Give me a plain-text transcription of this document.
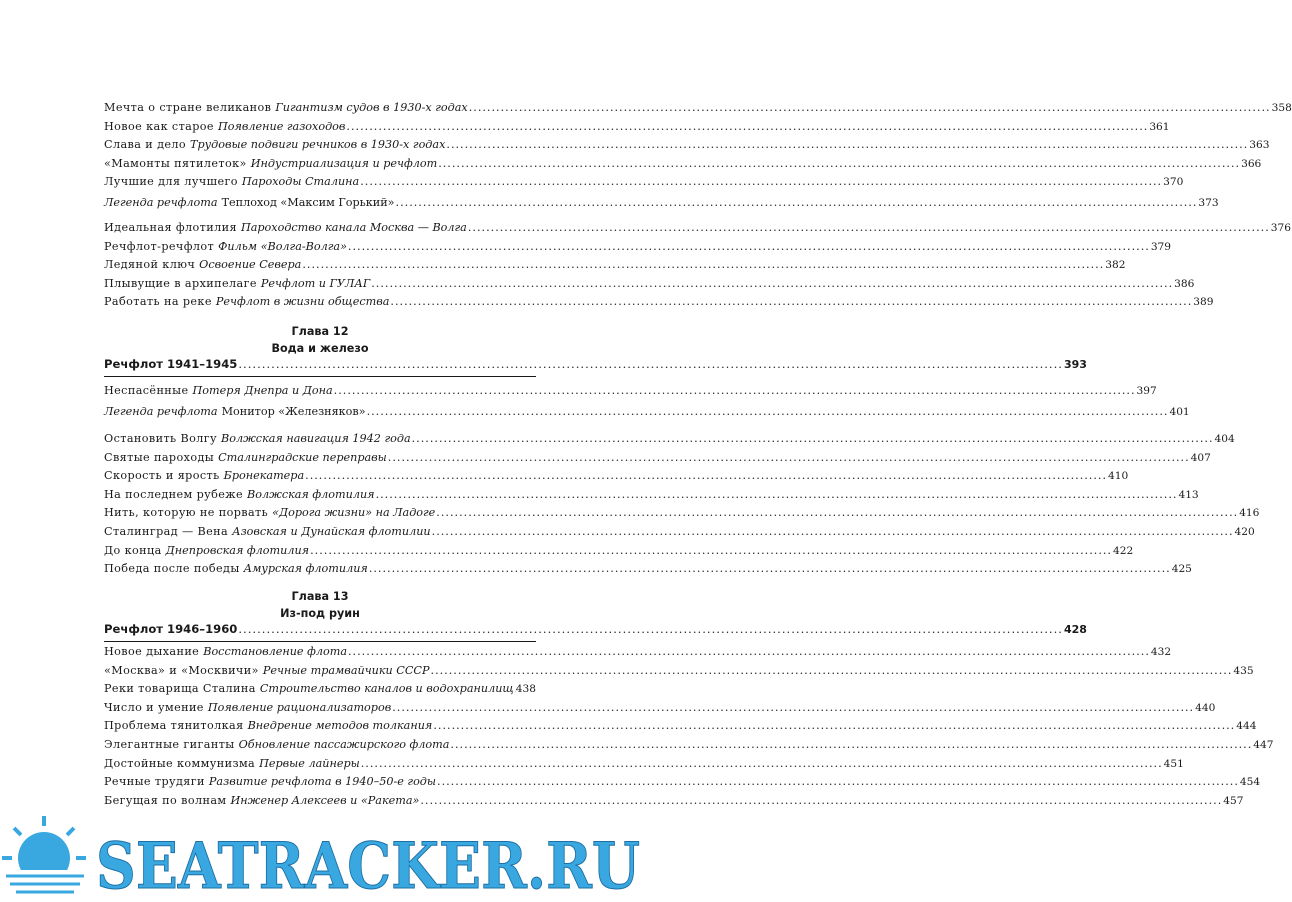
Мечта о стране великанов Гигантизм судов в 1930-х годах .....	358
Новое как старое Появление газоходов .....	361
Слава и дело Трудовые подвиги речников в 1930-х годах .....	363
«Мамонты пятилеток» Индустриализация и речфлот .....	366
Лучшие для лучшего Пароходы Сталина .....	370
Легенда речфлота Теплоход «Максим Горький» .....	373
Идеальная флотилия Пароходство канала Москва — Волга .....	376
Речфлот-речфлот Фильм «Волга-Волга» .....	379
Ледяной ключ Освоение Севера .....	382
Плывущие в архипелаге Речфлот и ГУЛАГ .....	386
Работать на реке Речфлот в жизни общества .....	389
Глава 12
Вода и железо
Речфлот 1941–1945 .....	393
Неспасённые Потеря Днепра и Дона .....	397
Легенда речфлота Монитор «Железняков» .....	401
Остановить Волгу Волжская навигация 1942 года .....	404
Святые пароходы Сталинградские переправы .....	407
Скорость и ярость Бронекатера .....	410
На последнем рубеже Волжская флотилия .....	413
Нить, которую не порвать «Дорога жизни» на Ладоге .....	416
Сталинград — Вена Азовская и Дунайская флотилии .....	420
До конца Днепровская флотилия .....	422
Победа после победы Амурская флотилия .....	425
Глава 13
Из-под руин
Речфлот 1946–1960 .....	428
Новое дыхание Восстановление флота .....	432
«Москва» и «Москвичи» Речные трамвайчики СССР .....	435
Реки товарища Сталина Строительство каналов и водохранилищ ..... 438
Число и умение Появление рационализаторов .....	440
Проблема тянитолкая Внедрение методов толкания .....	444
Элегантные гиганты Обновление пассажирского флота .....	447
Достойные коммунизма Первые лайнеры .....	451
Речные трудяги Развитие речфлота в 1940–50-е годы .....	454
Бегущая по волнам Инженер Алексеев и «Ракета» .....	457
SEATRACKER.RU
